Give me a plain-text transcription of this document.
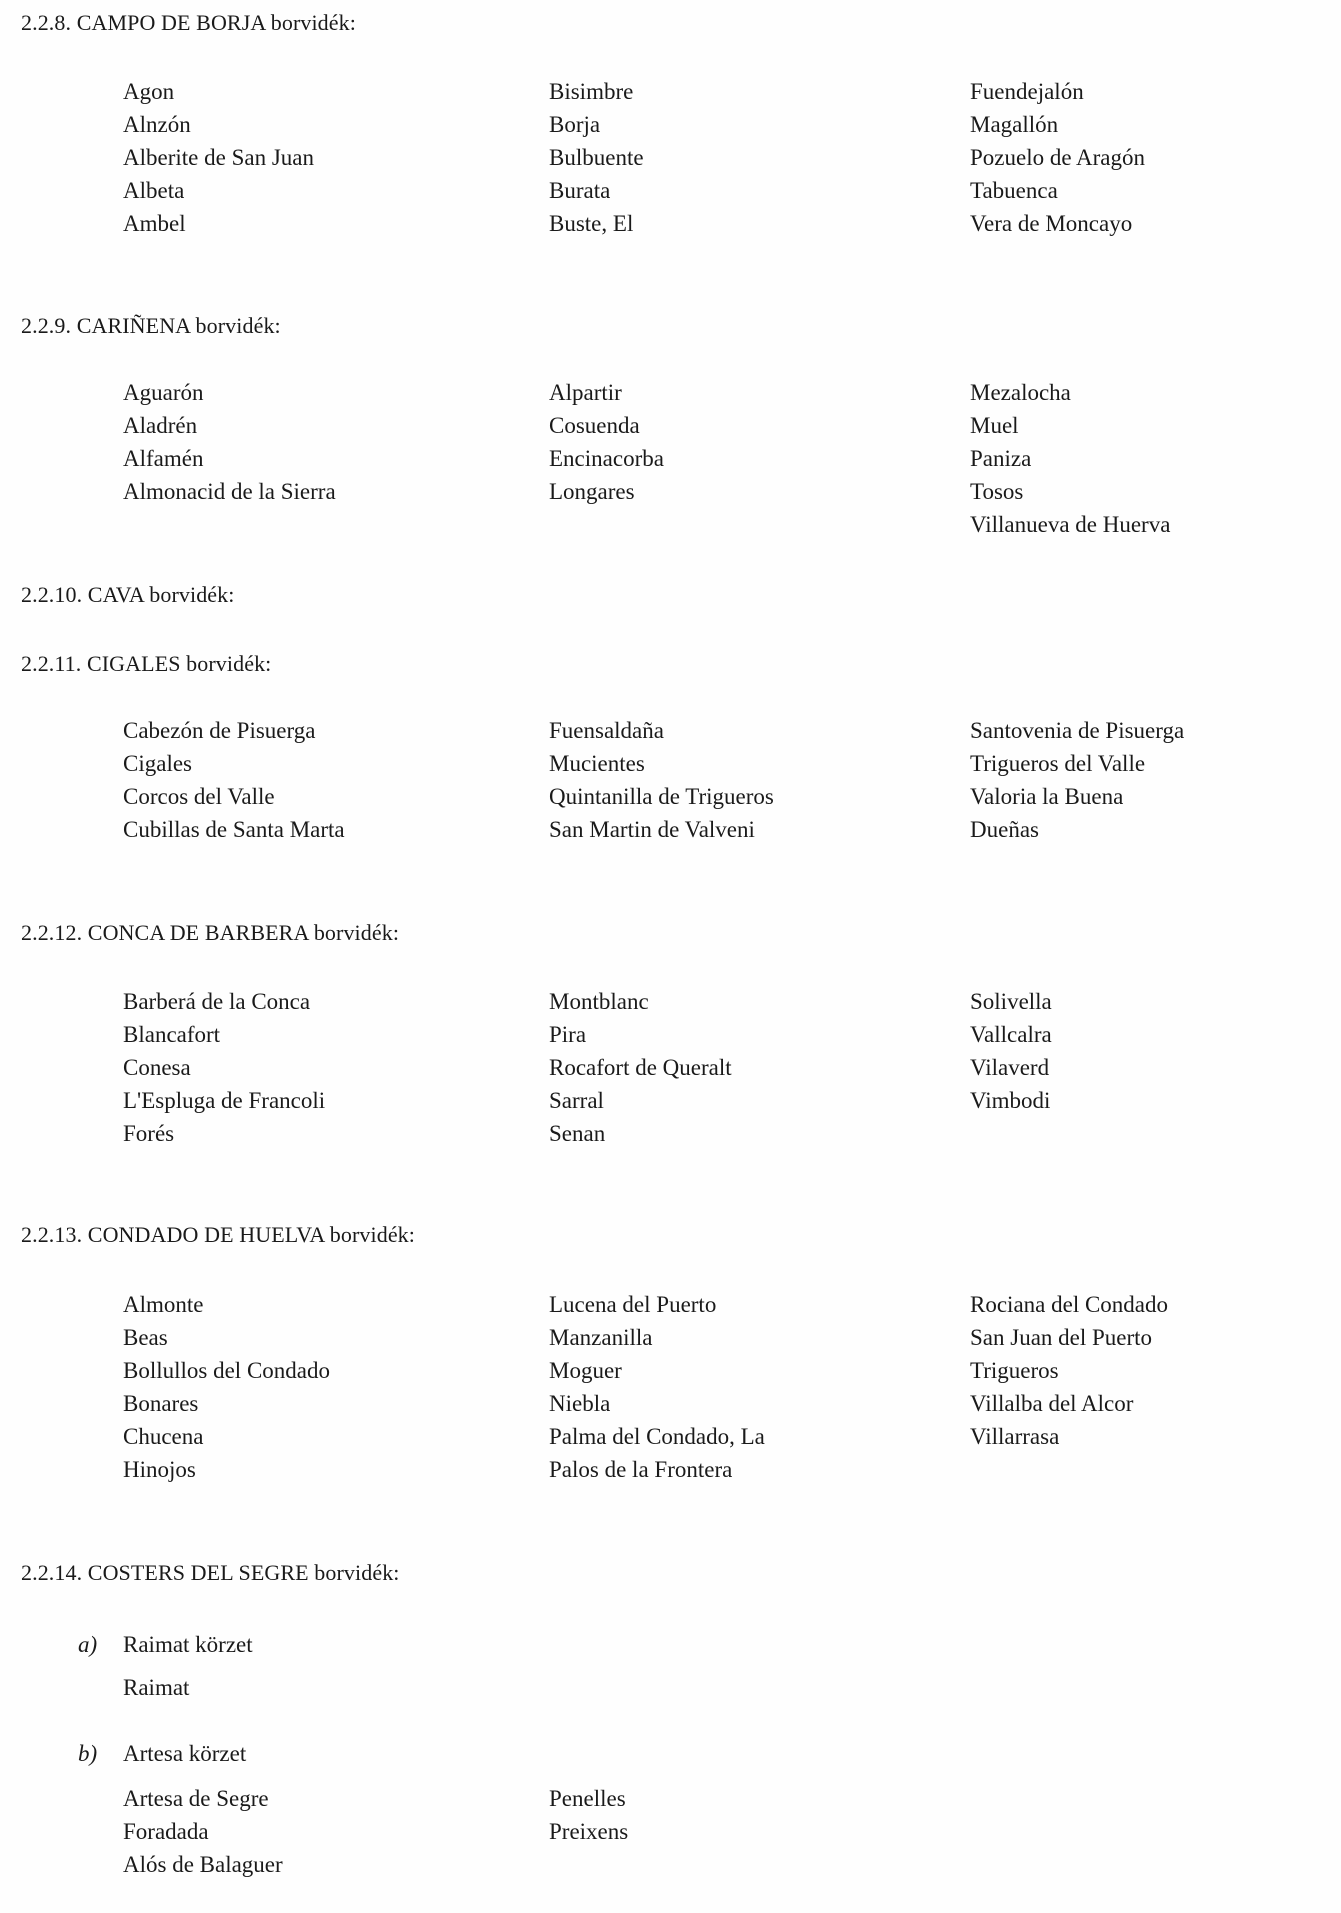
2.2.8. CAMPO DE BORJA borvidék:
Agon
Alnzón
Alberite de San Juan
Albeta
Ambel
Bisimbre
Borja
Bulbuente
Burata
Buste, El
Fuendejalón
Magallón
Pozuelo de Aragón
Tabuenca
Vera de Moncayo
2.2.9. CARIÑENA borvidék:
Aguarón
Aladrén
Alfamén
Almonacid de la Sierra
Alpartir
Cosuenda
Encinacorba
Longares
Mezalocha
Muel
Paniza
Tosos
Villanueva de Huerva
2.2.10. CAVA borvidék:
2.2.11. CIGALES borvidék:
Cabezón de Pisuerga
Cigales
Corcos del Valle
Cubillas de Santa Marta
Fuensaldaña
Mucientes
Quintanilla de Trigueros
San Martin de Valveni
Santovenia de Pisuerga
Trigueros del Valle
Valoria la Buena
Dueñas
2.2.12. CONCA DE BARBERA borvidék:
Barberá de la Conca
Blancafort
Conesa
L'Espluga de Francoli
Forés
Montblanc
Pira
Rocafort de Queralt
Sarral
Senan
Solivella
Vallcalra
Vilaverd
Vimbodi
2.2.13. CONDADO DE HUELVA borvidék:
Almonte
Beas
Bollullos del Condado
Bonares
Chucena
Hinojos
Lucena del Puerto
Manzanilla
Moguer
Niebla
Palma del Condado, La
Palos de la Frontera
Rociana del Condado
San Juan del Puerto
Trigueros
Villalba del Alcor
Villarrasa
2.2.14. COSTERS DEL SEGRE borvidék:
a) Raimat körzet
Raimat
b) Artesa körzet
Artesa de Segre
Foradada
Alós de Balaguer
Penelles
Preixens
